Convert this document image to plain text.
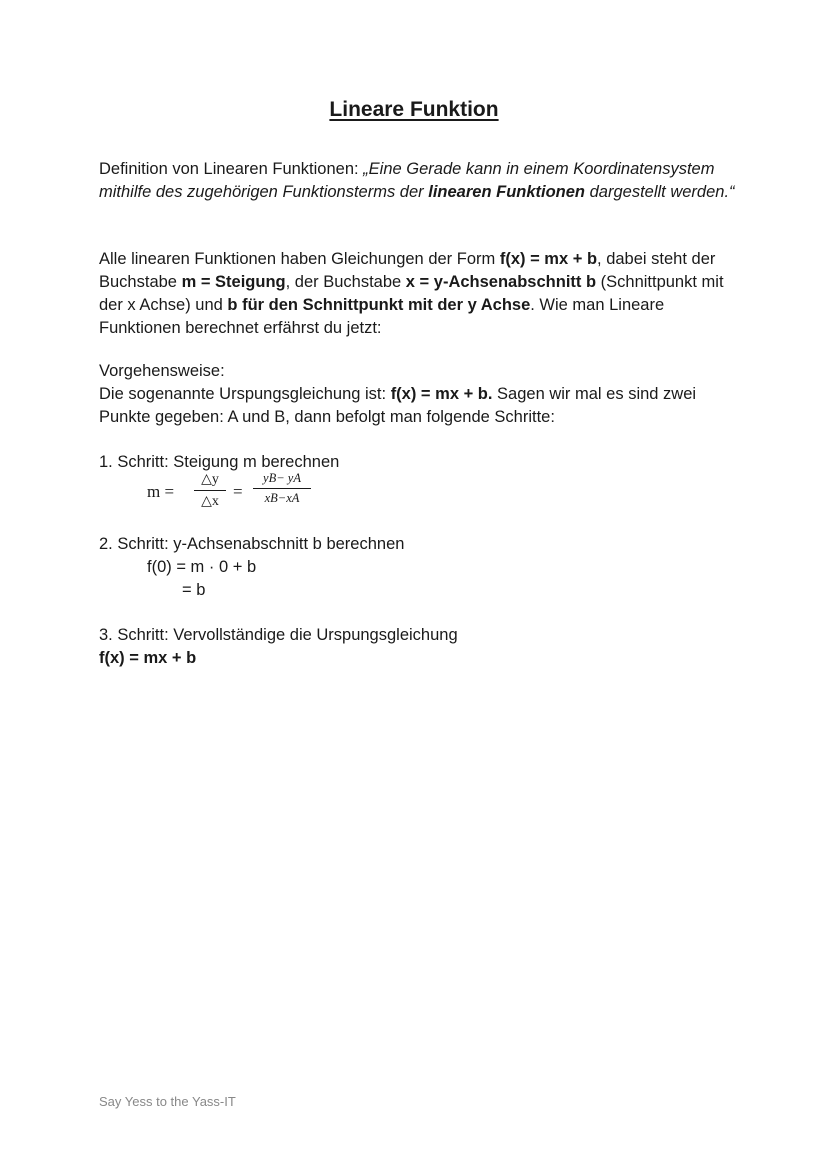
Lineare Funktion
Definition von Linearen Funktionen: „Eine Gerade kann in einem Koordinatensystem mithilfe des zugehörigen Funktionsterms der linearen Funktionen dargestellt werden.“
Alle linearen Funktionen haben Gleichungen der Form f(x) = mx + b, dabei steht der Buchstabe m = Steigung, der Buchstabe x = y-Achsenabschnitt b (Schnittpunkt mit der x Achse) und b für den Schnittpunkt mit der y Achse. Wie man Lineare Funktionen berechnet erfährst du jetzt:
Vorgehensweise:
Die sogenannte Urspungsgleichung ist: f(x) = mx + b. Sagen wir mal es sind zwei Punkte gegeben: A und B, dann befolgt man folgende Schritte:
1. Schritt: Steigung m berechnen
m =
△y
△x
=
yB− yA
xB−xA
2. Schritt: y-Achsenabschnitt b berechnen
f(0) = m · 0 + b
= b
3. Schritt: Vervollständige die Urspungsgleichung
f(x) = mx + b
Say Yess to the Yass-IT
